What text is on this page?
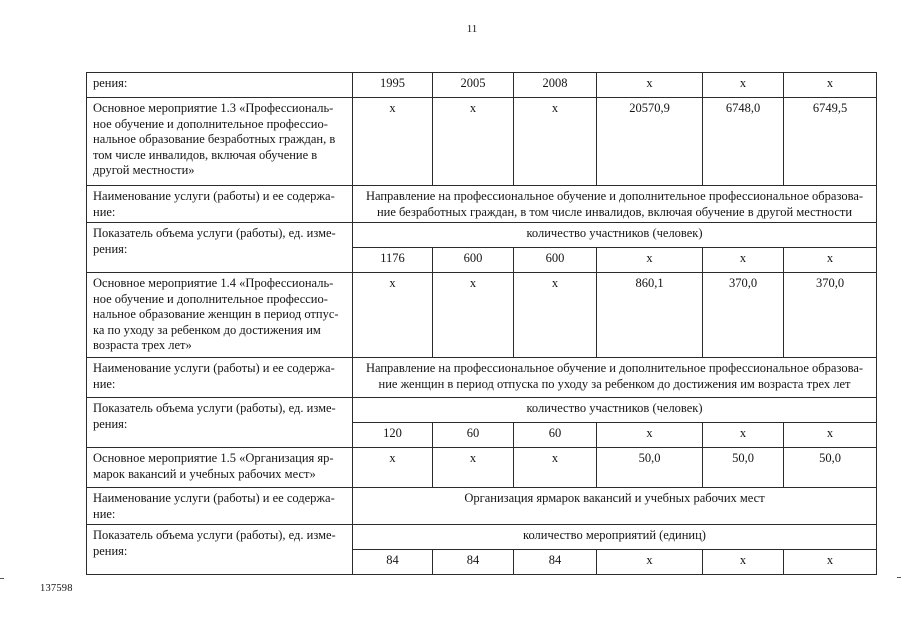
11
рения:	1995	2005	2008	x	x	x
Основное мероприятие 1.3 «Профессиональ-
ное обучение и дополнительное профессио-
нальное образование безработных граждан, в
том числе инвалидов, включая обучение в
другой местности»	x	x	x	20570,9	6748,0	6749,5
Наименование услуги (работы) и ее содержа-
ние:	Направление на профессиональное обучение и дополнительное профессиональное образова-
ние безработных граждан, в том числе инвалидов, включая обучение в другой местности					
Показатель объема услуги (работы), ед. изме-
рения:	количество участников (человек)					
	1176	600	600	x	x	x
Основное мероприятие 1.4 «Профессиональ-
ное обучение и дополнительное профессио-
нальное образование женщин в период отпус-
ка по уходу за ребенком до достижения им
возраста трех лет»	x	x	x	860,1	370,0	370,0
Наименование услуги (работы) и ее содержа-
ние:	Направление на профессиональное обучение и дополнительное профессиональное образова-
ние женщин в период отпуска по уходу за ребенком до достижения им возраста трех лет					
Показатель объема услуги (работы), ед. изме-
рения:	количество участников (человек)					
	120	60	60	x	x	x
Основное мероприятие 1.5 «Организация яр-
марок вакансий и учебных рабочих мест»	x	x	x	50,0	50,0	50,0
Наименование услуги (работы) и ее содержа-
ние:	Организация ярмарок вакансий и учебных рабочих мест					
Показатель объема услуги (работы), ед. изме-
рения:	количество мероприятий (единиц)					
	84	84	84	x	x	x
137598
